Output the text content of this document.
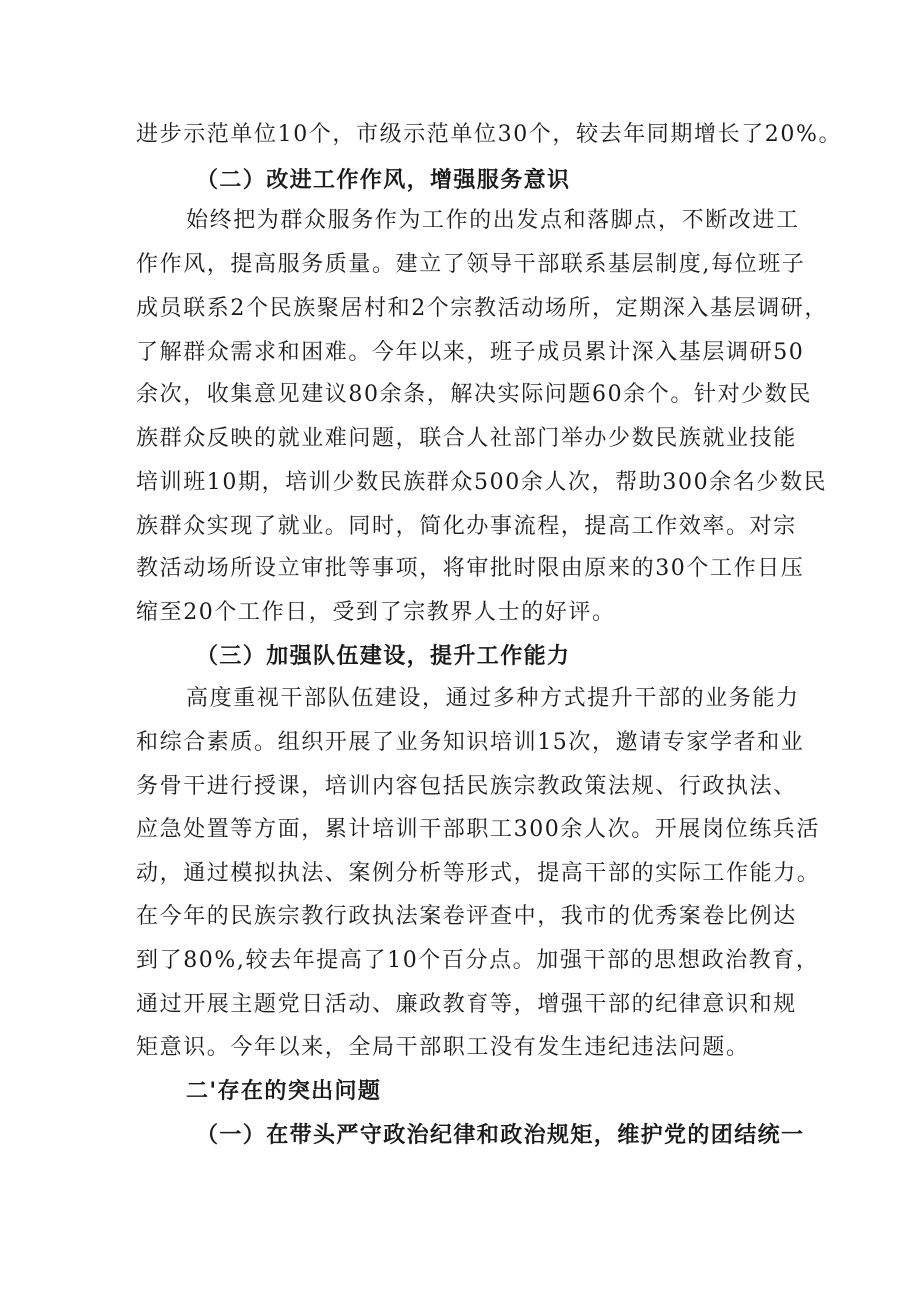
进步示范单位10个，市级示范单位30个，较去年同期增长了20%。
（二）改进工作作风，增强服务意识
始终把为群众服务作为工作的出发点和落脚点，不断改进工
作作风，提高服务质量。建立了领导干部联系基层制度,每位班子
成员联系2个民族聚居村和2个宗教活动场所，定期深入基层调研，
了解群众需求和困难。今年以来，班子成员累计深入基层调研50
余次，收集意见建议80余条，解决实际问题60余个。针对少数民
族群众反映的就业难问题，联合人社部门举办少数民族就业技能
培训班10期，培训少数民族群众500余人次，帮助300余名少数民
族群众实现了就业。同时，简化办事流程，提高工作效率。对宗
教活动场所设立审批等事项，将审批时限由原来的30个工作日压
缩至20个工作日，受到了宗教界人士的好评。
（三）加强队伍建设，提升工作能力
高度重视干部队伍建设，通过多种方式提升干部的业务能力
和综合素质。组织开展了业务知识培训15次，邀请专家学者和业
务骨干进行授课，培训内容包括民族宗教政策法规、行政执法、
应急处置等方面，累计培训干部职工300余人次。开展岗位练兵活
动，通过模拟执法、案例分析等形式，提高干部的实际工作能力。
在今年的民族宗教行政执法案卷评查中，我市的优秀案卷比例达
到了80%,较去年提高了10个百分点。加强干部的思想政治教育，
通过开展主题党日活动、廉政教育等，增强干部的纪律意识和规
矩意识。今年以来，全局干部职工没有发生违纪违法问题。
二'存在的突出问题
（一）在带头严守政治纪律和政治规矩，维护党的团结统一
